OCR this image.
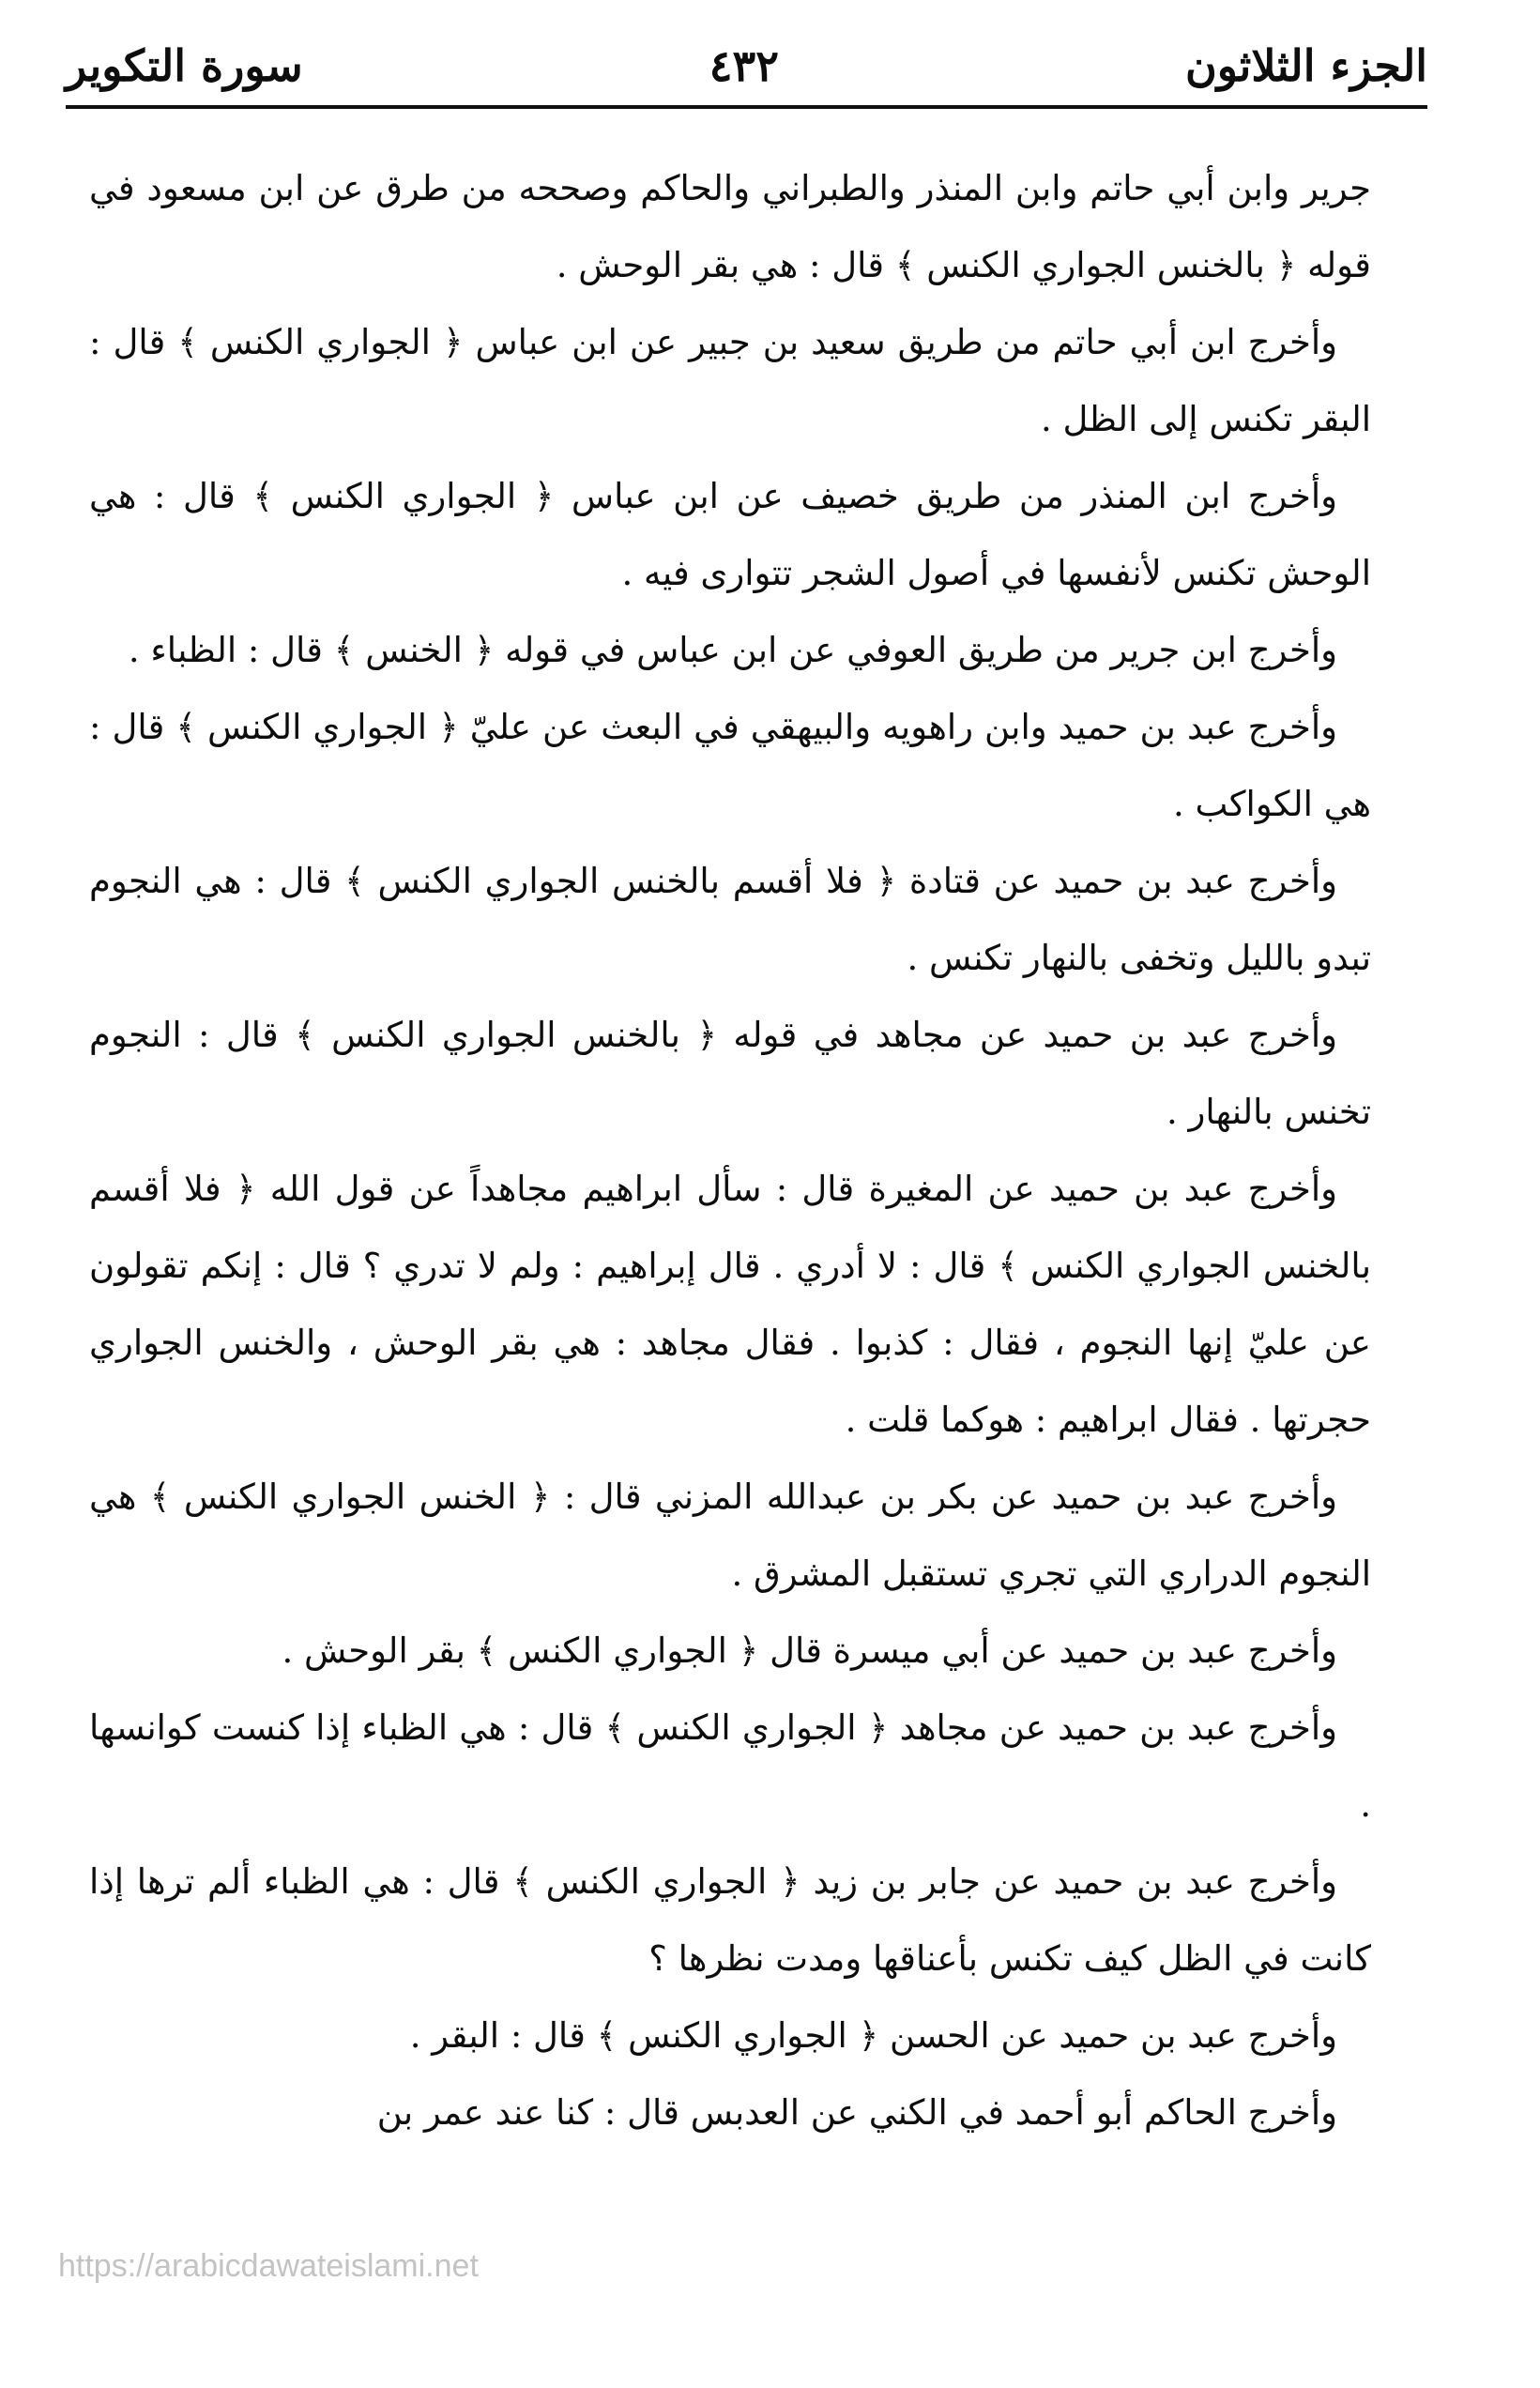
الجزء الثلاثون
٤٣٢
سورة التكوير

جرير وابن أبي حاتم وابن المنذر والطبراني والحاكم وصححه من طرق عن ابن مسعود في قوله ﴿ بالخنس الجواري الكنس ﴾ قال : هي بقر الوحش .

وأخرج ابن أبي حاتم من طريق سعيد بن جبير عن ابن عباس ﴿ الجواري الكنس ﴾ قال : البقر تكنس إلى الظل .

وأخرج ابن المنذر من طريق خصيف عن ابن عباس ﴿ الجواري الكنس ﴾ قال : هي الوحش تكنس لأنفسها في أصول الشجر تتوارى فيه .

وأخرج ابن جرير من طريق العوفي عن ابن عباس في قوله ﴿ الخنس ﴾ قال : الظباء .

وأخرج عبد بن حميد وابن راهويه والبيهقي في البعث عن عليّ ﴿ الجواري الكنس ﴾ قال : هي الكواكب .

وأخرج عبد بن حميد عن قتادة ﴿ فلا أقسم بالخنس الجواري الكنس ﴾ قال : هي النجوم تبدو بالليل وتخفى بالنهار تكنس .

وأخرج عبد بن حميد عن مجاهد في قوله ﴿ بالخنس الجواري الكنس ﴾ قال : النجوم تخنس بالنهار .

وأخرج عبد بن حميد عن المغيرة قال : سأل ابراهيم مجاهداً عن قول الله ﴿ فلا أقسم بالخنس الجواري الكنس ﴾ قال : لا أدري . قال إبراهيم : ولم لا تدري ؟ قال : إنكم تقولون عن عليّ إنها النجوم ، فقال : كذبوا . فقال مجاهد : هي بقر الوحش ، والخنس الجواري حجرتها . فقال ابراهيم : هوكما قلت .

وأخرج عبد بن حميد عن بكر بن عبدالله المزني قال : ﴿ الخنس الجواري الكنس ﴾ هي النجوم الدراري التي تجري تستقبل المشرق .

وأخرج عبد بن حميد عن أبي ميسرة قال ﴿ الجواري الكنس ﴾ بقر الوحش .

وأخرج عبد بن حميد عن مجاهد ﴿ الجواري الكنس ﴾ قال : هي الظباء إذا كنست كوانسها .

وأخرج عبد بن حميد عن جابر بن زيد ﴿ الجواري الكنس ﴾ قال : هي الظباء ألم ترها إذا كانت في الظل كيف تكنس بأعناقها ومدت نظرها ؟

وأخرج عبد بن حميد عن الحسن ﴿ الجواري الكنس ﴾ قال : البقر .

وأخرج الحاكم أبو أحمد في الكني عن العدبس قال : كنا عند عمر بن

https://arabicdawateislami.net
